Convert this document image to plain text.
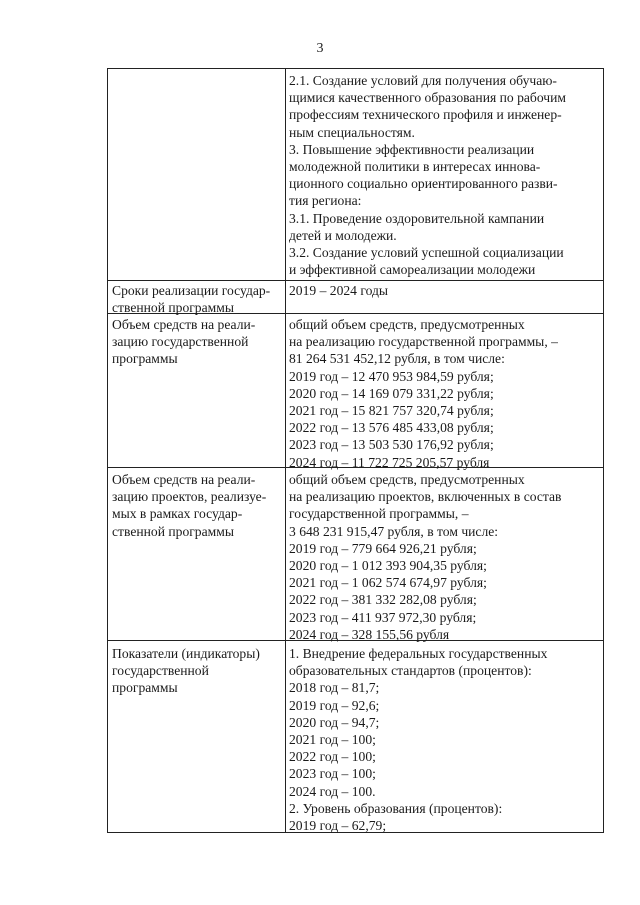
3
2.1. Создание условий для получения обучаю-
щимися качественного образования по рабочим
профессиям технического профиля и инженер-
ным специальностям.
3. Повышение эффективности реализации
молодежной политики в интересах иннова-
ционного социально ориентированного разви-
тия региона:
3.1. Проведение оздоровительной кампании
детей и молодежи.
3.2. Создание условий успешной социализации
и эффективной самореализации молодежи
Сроки реализации государ-
ственной программы
2019 – 2024 годы
Объем средств на реали-
зацию государственной
программы
общий объем средств, предусмотренных
на реализацию государственной программы, –
81 264 531 452,12 рубля, в том числе:
2019 год – 12 470 953 984,59 рубля;
2020 год – 14 169 079 331,22 рубля;
2021 год – 15 821 757 320,74 рубля;
2022 год – 13 576 485 433,08 рубля;
2023 год – 13 503 530 176,92 рубля;
2024 год – 11 722 725 205,57 рубля
Объем средств на реали-
зацию проектов, реализуе-
мых в рамках государ-
ственной программы
общий объем средств, предусмотренных
на реализацию проектов, включенных в состав
государственной программы, –
3 648 231 915,47 рубля, в том числе:
2019 год – 779 664 926,21 рубля;
2020 год – 1 012 393 904,35 рубля;
2021 год – 1 062 574 674,97 рубля;
2022 год – 381 332 282,08 рубля;
2023 год – 411 937 972,30 рубля;
2024 год – 328 155,56 рубля
Показатели (индикаторы)
государственной
программы
1. Внедрение федеральных государственных
образовательных стандартов (процентов):
2018 год – 81,7;
2019 год – 92,6;
2020 год – 94,7;
2021 год – 100;
2022 год – 100;
2023 год – 100;
2024 год – 100.
2. Уровень образования (процентов):
2019 год – 62,79;
